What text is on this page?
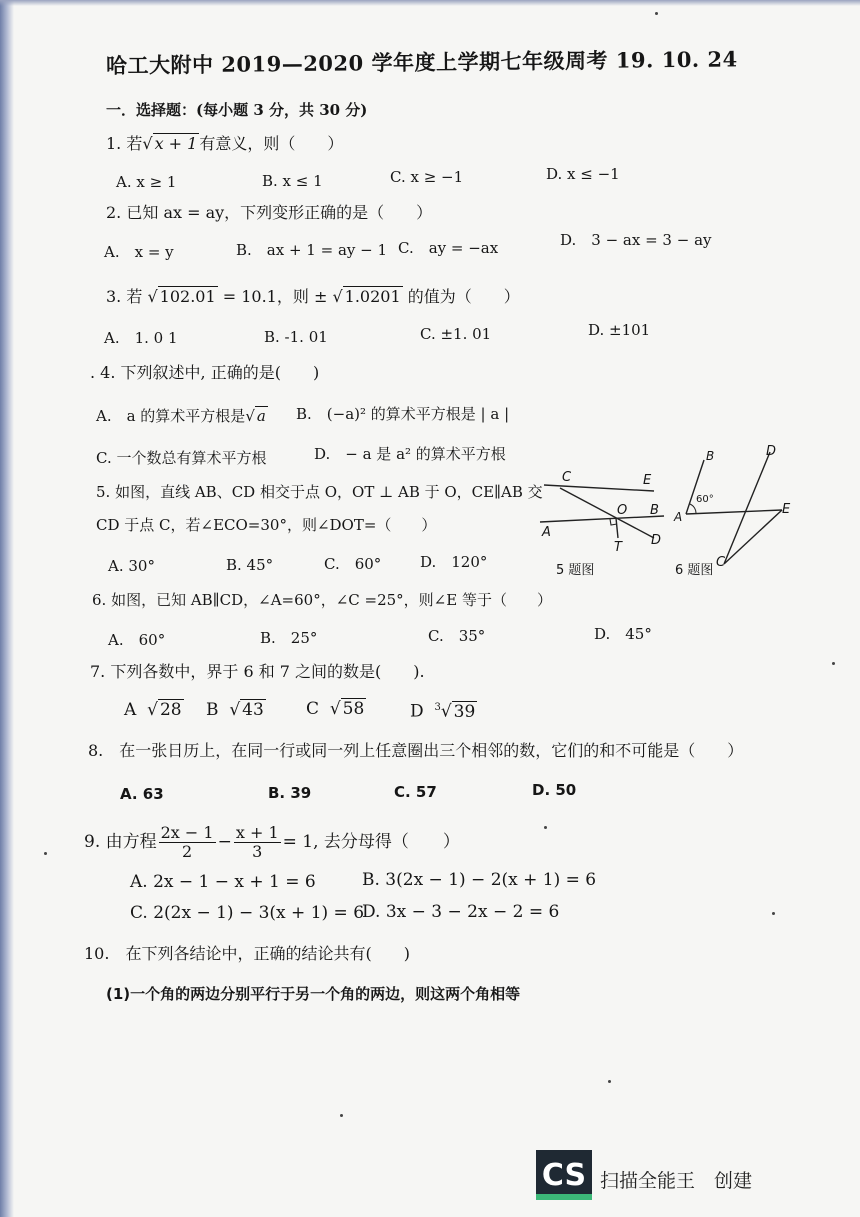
哈工大附中 2019—2020 学年度上学期七年级周考 19. 10. 24
一．选择题：(每小题 3 分，共 30 分)
1. 若√ x + 1 有意义，则（　　）
A. x ≥ 1	B. x ≤ 1	C. x ≥ −1	D. x ≤ −1
2. 已知 ax = ay，下列变形正确的是（　　）
A.　x = y	B.　ax + 1 = ay − 1 C.　ay = −ax	D.　3 − ax = 3 − ay
3. 若 √ 102.01 = 10.1，则 ± √ 1.0201 的值为（　　）
A.　1. 0 1	B. -1. 01	C. ±1. 01	D. ±101
. 4. 下列叙述中, 正确的是(　　)
A.　a 的算术平方根是√ a B.　(−a)² 的算术平方根是 | a |
C. 一个数总有算术平方根	D.　− a 是 a² 的算术平方根
5. 如图，直线 AB、CD 相交于点 O，OT ⊥ AB 于 O，CE∥AB 交
CD 于点 C，若∠ECO=30°，则∠DOT=（　　）
A. 30°	B. 45°	C.　60°	D.　120°
C	E
O B
A
T D
5 题图
B	D
A	E
60°
6 题图
C
6. 如图，已知 AB∥CD，∠A=60°，∠C =25°，则∠E 等于（　　）
A.　60°	B.　25°	C.　35°	D.　45°
7. 下列各数中，界于 6 和 7 之间的数是(　　).
A √ 28 B √ 43 C √ 58	D $^3$√ 39
8.　在一张日历上，在同一行或同一列上任意圈出三个相邻的数，它们的和不可能是（　　）
A. 63	B. 39	C. 57	D. 50
9. 由方程 $\frac{2x - 1}{2} - \frac{x + 1}{3} = 1$, 去分母得（　　）
A. 2x − 1 − x + 1 = 6	B. 3(2x − 1) − 2(x + 1) = 6
C. 2(2x − 1) − 3(x + 1) = 6
D. 3x − 3 − 2x − 2 = 6
10.　在下列各结论中，正确的结论共有(　　)
(1)一个角的两边分别平行于另一个角的两边，则这两个角相等
CS 扫描全能王　创建
